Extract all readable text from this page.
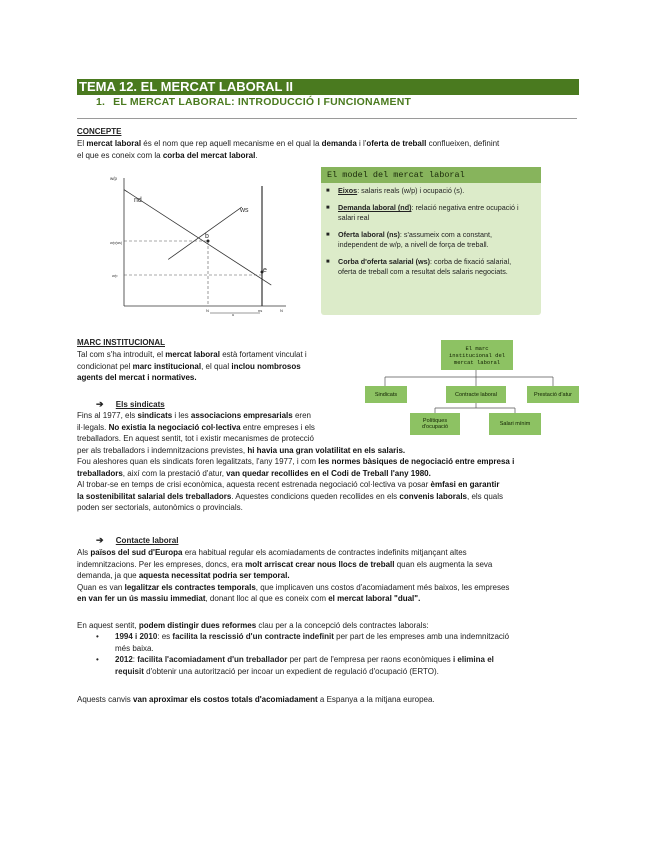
TEMA 12. EL MERCAT LABORAL II
1. EL MERCAT LABORAL: INTRODUCCIÓ I FUNCIONAMENT
CONCEPTE
El mercat laboral és el nom que rep aquell mecanisme en el qual la demanda i l'oferta de treball conflueixen, definint
el que es coneix com la corba del mercat laboral.
w/p
nd
ws
b
e
w/p(ws)
w/p
N	ns
u
N
El model del mercat laboral
■ Eixos: salaris reals (w/p) i ocupació (s).
■ Demanda laboral (nd): relació negativa entre ocupació i salari real
■ Oferta laboral (ns): s'assumeix com a constant, independent de w/p, a nivell de força de treball.
■ Corba d'oferta salarial (ws): corba de fixació salarial, oferta de treball com a resultat dels salaris negociats.
MARC INSTITUCIONAL
Tal com s'ha introduït, el mercat laboral està fortament vinculat i
condicionat pel marc institucional, el qual inclou nombrosos
agents del mercat i normatives.
El marc institucional del mercat laboral
Sindicats	Contracte laboral	Prestació d'atur
Polítiques d'ocupació	Salari mínim
➔ Els sindicats
Fins al 1977, els sindicats i les associacions empresarials eren
il·legals. No existia la negociació col·lectiva entre empreses i els
treballadors. En aquest sentit, tot i existir mecanismes de protecció
per als treballadors i indemnitzacions previstes, hi havia una gran volatilitat en els salaris.
Fou aleshores quan els sindicats foren legalitzats, l'any 1977, i com les normes bàsiques de negociació entre empresa i
treballadors, així com la prestació d'atur, van quedar recollides en el Codi de Treball l'any 1980.
Al trobar-se en temps de crisi econòmica, aquesta recent estrenada negociació col·lectiva va posar èmfasi en garantir
la sostenibilitat salarial dels treballadors. Aquestes condicions queden recollides en els convenis laborals, els quals
poden ser sectorials, autonòmics o provincials.
➔ Contacte laboral
Als països del sud d'Europa era habitual regular els acomiadaments de contractes indefinits mitjançant altes
indemnitzacions. Per les empreses, doncs, era molt arriscat crear nous llocs de treball quan els augmenta la seva
demanda, ja que aquesta necessitat podria ser temporal.
Quan es van legalitzar els contractes temporals, que implicaven uns costos d'acomiadament més baixos, les empreses
en van fer un ús massiu immediat, donant lloc al que es coneix com el mercat laboral "dual".
En aquest sentit, podem distingir dues reformes clau per a la concepció dels contractes laborals:
• 1994 i 2010: es facilita la rescissió d'un contracte indefinit per part de les empreses amb una indemnització
més baixa.
• 2012: facilita l'acomiadament d'un treballador per part de l'empresa per raons econòmiques i elimina el
requisit d'obtenir una autorització per incoar un expedient de regulació d'ocupació (ERTO).
Aquests canvis van aproximar els costos totals d'acomiadament a Espanya a la mitjana europea.
